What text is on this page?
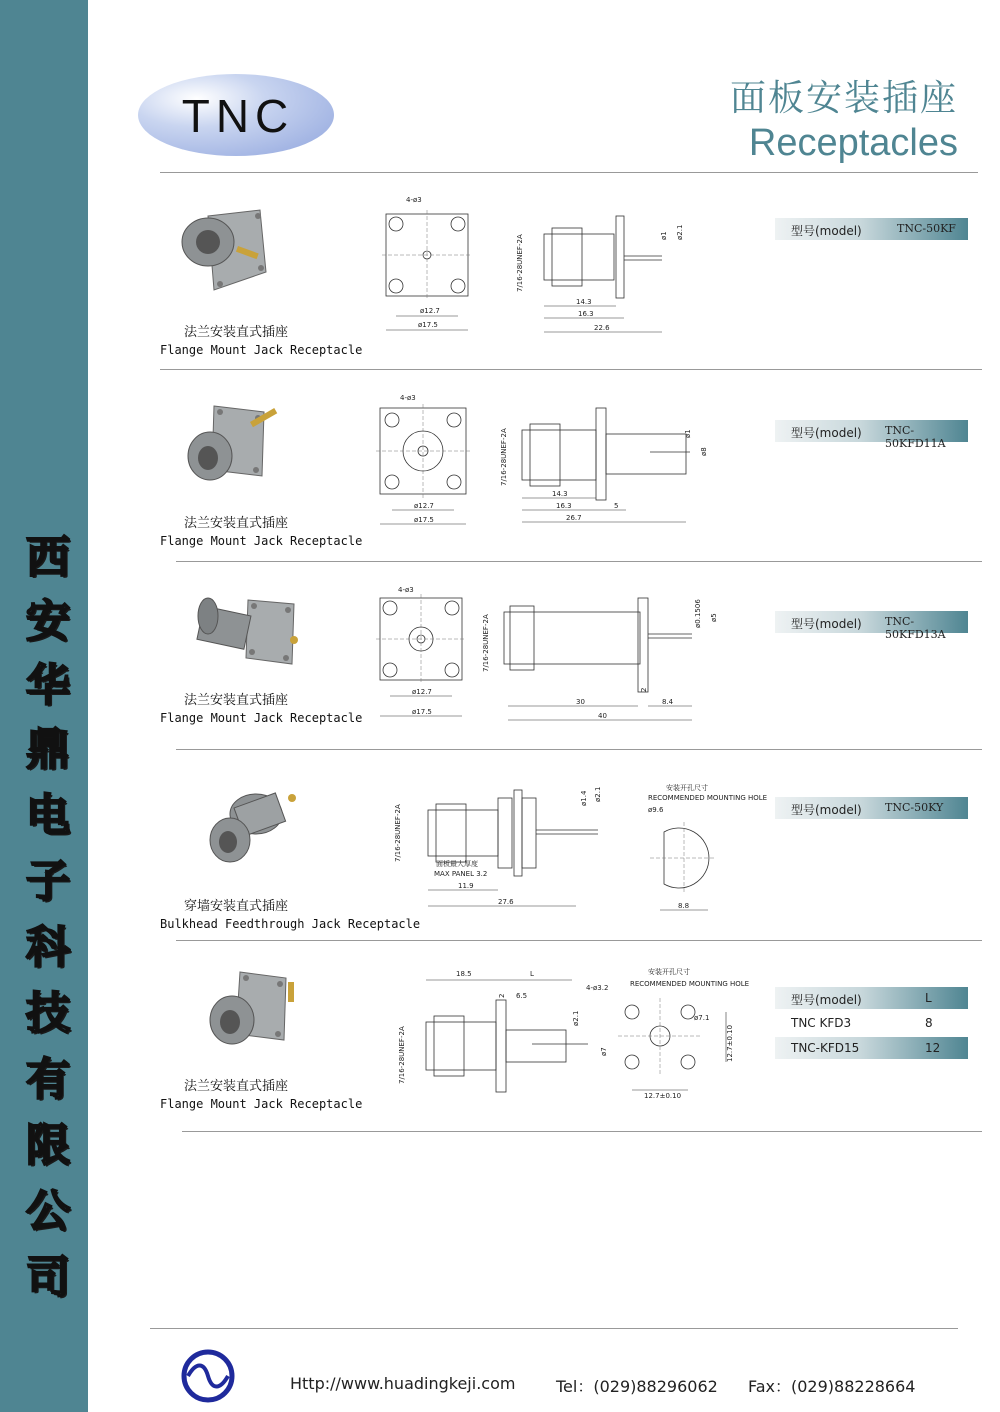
西
安
华
鼎
电
子
科
技
有
限
公
司
TNC	面板安装插座
Receptacles
法兰安装直式插座
Flange Mount Jack Receptacle
4-ø3
ø12.7
ø17.5
7/16-28UNEF-2A	ø1 ø2.1
14.3
16.3
22.6
型号(model)	TNC-50KF
法兰安装直式插座
Flange Mount Jack Receptacle
4-ø3
ø12.7
ø17.5
7/16-28UNEF-2A	ø1
ø8
14.3
16.3	5
26.7
型号(model) TNC-50KFD11A
法兰安装直式插座
Flange Mount Jack Receptacle
4-ø3
ø12.7
ø17.5
7/16-28UNEF-2A
ø0.1506 ø5
2
30	8.4
40
型号(model) TNC-50KFD13A
穿墙安装直式插座
Bulkhead Feedthrough Jack Receptacle
7/16-28UNEF-2A
ø1.4 ø2.1
面板最大厚度
MAX PANEL 3.2
11.9
27.6
安装开孔尺寸
RECOMMENDED MOUNTING HOLE
ø9.6
8.8
型号(model) TNC-50KY
法兰安装直式插座
Flange Mount Jack Receptacle
18.5	L
6.5
2
7/16-28UNEF-2A
ø2.1
ø7
安装开孔尺寸
RECOMMENDED MOUNTING HOLE
4-ø3.2
ø7.1
12.7±0.10
12.7±0.10
型号(model)	L
TNC KFD3	8
TNC-KFD15	12
Http://www.huadingkeji.com	Tel：(029)88296062 Fax：(029)88228664
